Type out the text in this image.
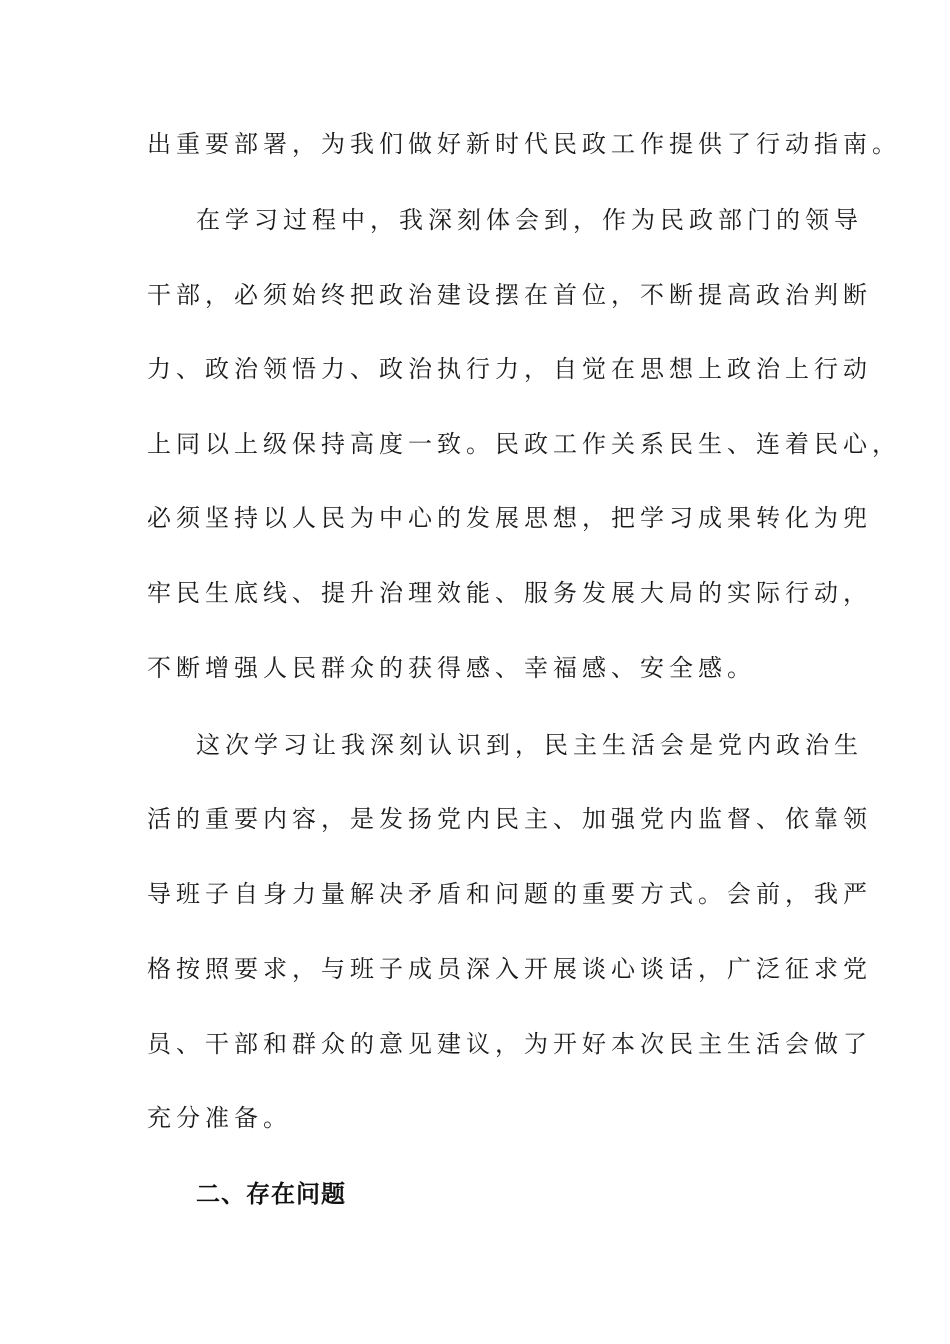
出重要部署，为我们做好新时代民政工作提供了行动指南。
在学习过程中，我深刻体会到，作为民政部门的领导
干部，必须始终把政治建设摆在首位，不断提高政治判断
力、政治领悟力、政治执行力，自觉在思想上政治上行动
上同以上级保持高度一致。民政工作关系民生、连着民心，
必须坚持以人民为中心的发展思想，把学习成果转化为兜
牢民生底线、提升治理效能、服务发展大局的实际行动，
不断增强人民群众的获得感、幸福感、安全感。
这次学习让我深刻认识到，民主生活会是党内政治生
活的重要内容，是发扬党内民主、加强党内监督、依靠领
导班子自身力量解决矛盾和问题的重要方式。会前，我严
格按照要求，与班子成员深入开展谈心谈话，广泛征求党
员、干部和群众的意见建议，为开好本次民主生活会做了
充分准备。
二、存在问题
